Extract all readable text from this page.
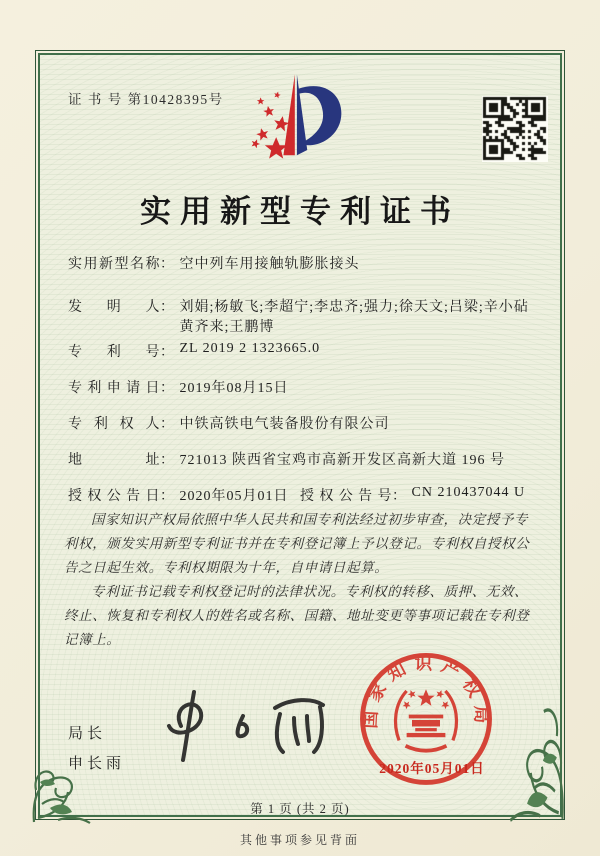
证 书 号 第10428395号
实用新型专利证书
实用新型名称 ： 空中列车用接触轨膨胀接头
发明人 ： 刘娟;杨敏飞;李超宁;李忠齐;强力;徐天文;吕梁;辛小砧
黄齐来;王鹏博
专利号 ： ZL 2019 2 1323665.0
专利申请日 ： 2019年08月15日
专利权人 ： 中铁高铁电气装备股份有限公司
地址 ： 721013 陕西省宝鸡市高新开发区高新大道 196 号
授权公告日 ： 2020年05月01日 授权公告号 ： CN 210437044 U

国家知识产权局依照中华人民共和国专利法经过初步审查，决定授予专利权，颁发实用新型专利证书并在专利登记簿上予以登记。专利权自授权公告之日起生效。专利权期限为十年，自申请日起算。

专利证书记载专利权登记时的法律状况。专利权的转移、质押、无效、终止、恢复和专利权人的姓名或名称、国籍、地址变更等事项记载在专利登记簿上。

局长
申长雨
国家知识产权局
2020年05月01日
第 1 页 (共 2 页)
其他事项参见背面
